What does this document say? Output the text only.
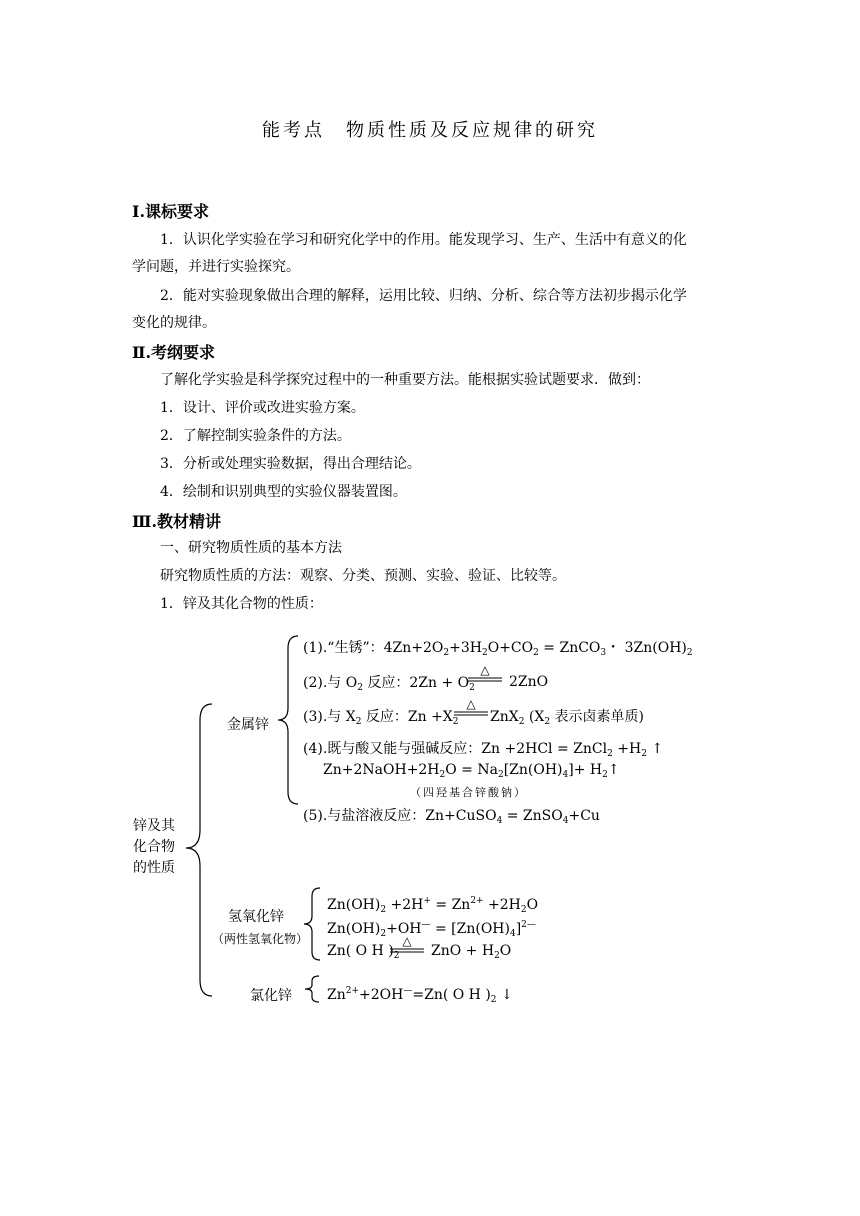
能考点　物质性质及反应规律的研究
Ⅰ.课标要求
1．认识化学实验在学习和研究化学中的作用。能发现学习、生产、生活中有意义的化
学问题，并进行实验探究。
2．能对实验现象做出合理的解释，运用比较、归纳、分析、综合等方法初步揭示化学
变化的规律。
Ⅱ.考纲要求
了解化学实验是科学探究过程中的一种重要方法。能根据实验试题要求．做到：
1．设计、评价或改进实验方案。
2．了解控制实验条件的方法。
3．分析或处理实验数据，得出合理结论。
4．绘制和识别典型的实验仪器装置图。
Ⅲ.教材精讲
一、研究物质性质的基本方法
研究物质性质的方法：观察、分类、预测、实验、验证、比较等。
1．锌及其化合物的性质：
锌及其
化合物
的性质
金属锌
(1).“生锈”：$4Zn+2O_2+3H_2O+CO_2$ = ZnCO$_3$・ $3Zn(OH)_2$
(2).与 $O_2$ 反应：$2Zn + O_2$
△
2ZnO
(3).与 $X_2$ 反应：$Zn +X_2$
△
ZnX$_2$ ($X_2$ 表示卤素单质)
(4).既与酸又能与强碱反应：Zn +2HCl = ZnCl$_2$ $+H_2$ ↑
$Zn+2NaOH+2H_2O = Na_2[Zn(OH)_4]+$ $H_2↑$
（四羟基合锌酸钠）
(5).与盐溶液反应：Zn+CuSO$_4$ = ZnSO$_4$+Cu
氢氧化锌
（两性氢氧化物）
$Zn(OH)_2 +2H^+ = Zn^{2+} +2H_2O$
$Zn(OH)_2+OH^— = [Zn(OH)_4]^{2—}$
Zn( O H )$_2$
△
ZnO + $H_2O$
氯化锌	$Zn^{2+}+2OH^—=Zn$( O H )$_2$ ↓
